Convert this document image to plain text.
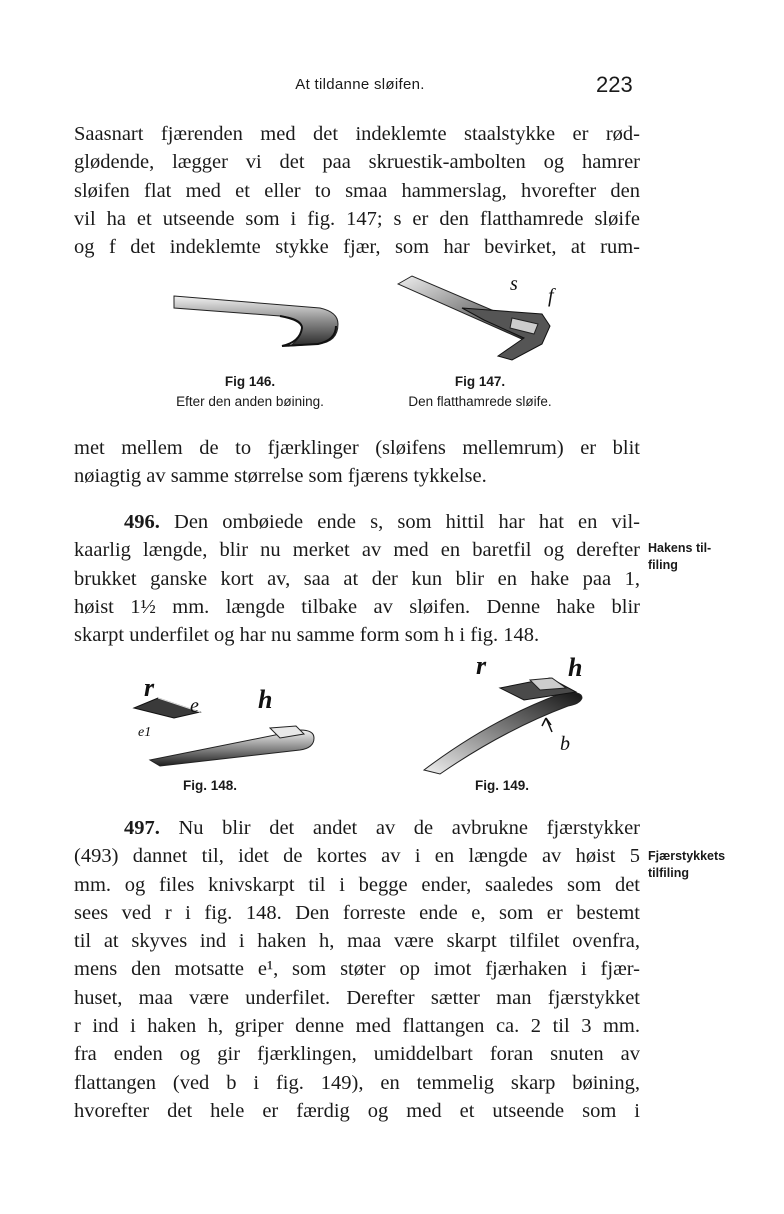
At tildanne sløifen.	223
Saasnart fjærenden med det indeklemte staalstykke er rød-
glødende, lægger vi det paa skruestik-ambolten og hamrer
sløifen flat med et eller to smaa hammerslag, hvorefter den
vil ha et utseende som i fig. 147; s er den flatthamrede sløife
og f det indeklemte stykke fjær, som har bevirket, at rum-
Fig 146.
Efter den anden bøining.
s
f
Fig 147.
Den flatthamrede sløife.
met mellem de to fjærklinger (sløifens mellemrum) er blit
nøiagtig av samme størrelse som fjærens tykkelse.
496. Den ombøiede ende s, som hittil har hat en vil-
kaarlig længde, blir nu merket av med en baretfil og derefter
brukket ganske kort av, saa at der kun blir en hake paa 1,
høist 1½ mm. længde tilbake av sløifen. Denne hake blir
skarpt underfilet og har nu samme form som h i fig. 148.
Hakens til-
filing
r
e
e1
h
Fig. 148.
r	h
b
Fig. 149.
497. Nu blir det andet av de avbrukne fjærstykker
(493) dannet til, idet de kortes av i en længde av høist 5
mm. og files knivskarpt til i begge ender, saaledes som det
sees ved r i fig. 148. Den forreste ende e, som er bestemt
til at skyves ind i haken h, maa være skarpt tilfilet ovenfra,
mens den motsatte e¹, som støter op imot fjærhaken i fjær-
huset, maa være underfilet. Derefter sætter man fjærstykket
r ind i haken h, griper denne med flattangen ca. 2 til 3 mm.
fra enden og gir fjærklingen, umiddelbart foran snuten av
flattangen (ved b i fig. 149), en temmelig skarp bøining,
hvorefter det hele er færdig og med et utseende som i
Fjærstykkets
tilfiling
